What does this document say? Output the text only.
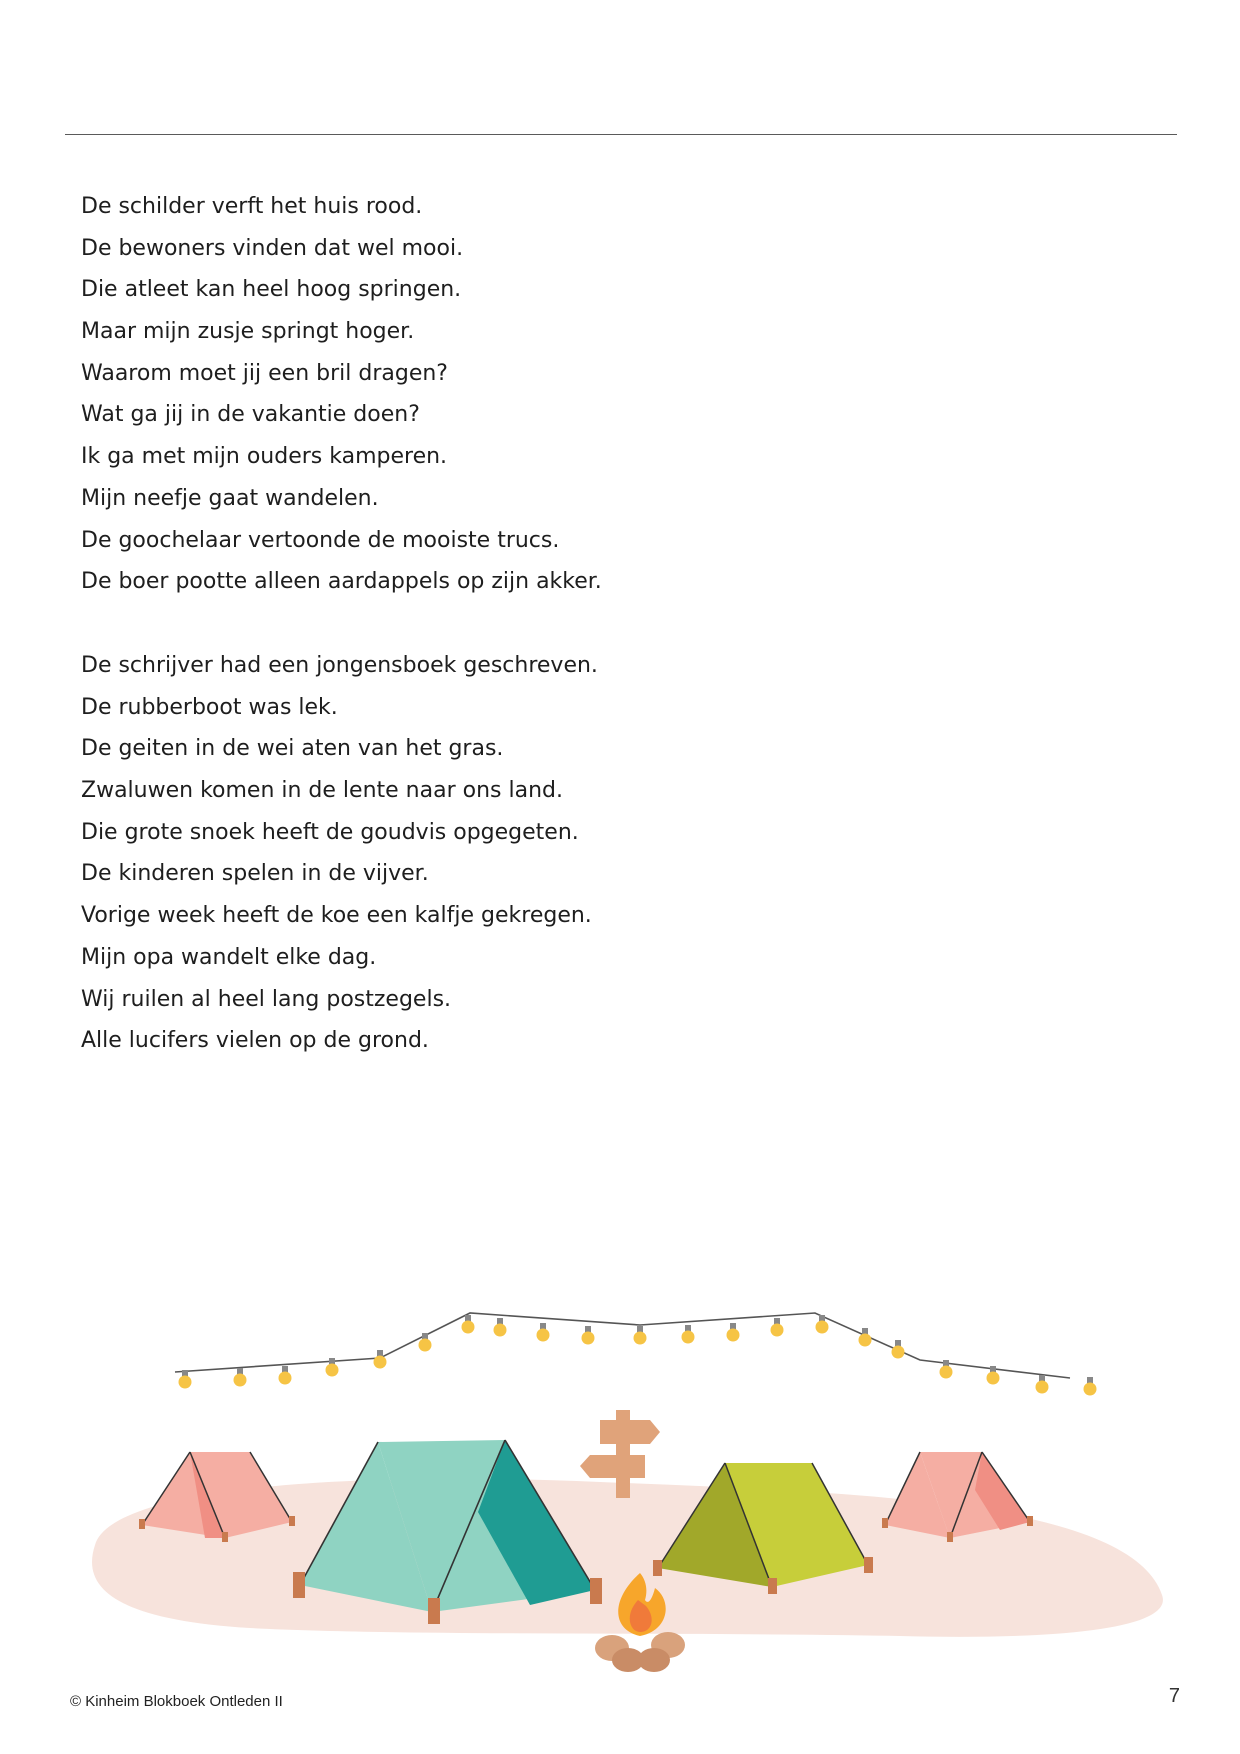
De schilder verft het huis rood.
De bewoners vinden dat wel mooi.
Die atleet kan heel hoog springen.
Maar mijn zusje springt hoger.
Waarom moet jij een bril dragen?
Wat ga jij in de vakantie doen?
Ik ga met mijn ouders kamperen.
Mijn neefje gaat wandelen.
De goochelaar vertoonde de mooiste trucs.
De boer pootte alleen aardappels op zijn akker.
De schrijver had een jongensboek geschreven.
De rubberboot was lek.
De geiten in de wei aten van het gras.
Zwaluwen komen in de lente naar ons land.
Die grote snoek heeft de goudvis opgegeten.
De kinderen spelen in de vijver.
Vorige week heeft de koe een kalfje gekregen.
Mijn opa wandelt elke dag.
Wij ruilen al heel lang postzegels.
Alle lucifers vielen op de grond.
© Kinheim Blokboek Ontleden II	7
